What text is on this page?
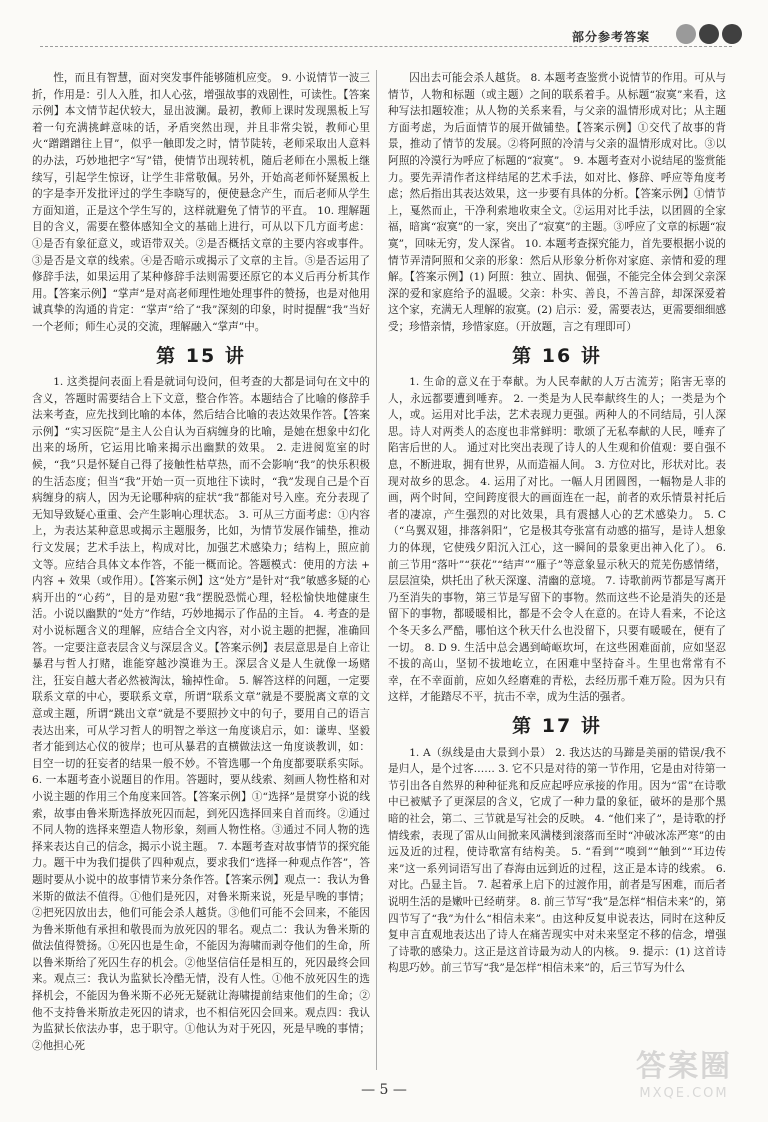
部分参考答案

性，而且有智慧，面对突发事件能够随机应变。 9. 小说情节一波三折，作用是：引人入胜，扣人心弦，增强故事的戏剧性，可读性。【答案示例】本文情节起伏较大，显出波澜。最初，教师上课时发现黑板上写着一句充满挑衅意味的话，矛盾突然出现，并且非常尖锐，教师心里火“蹭蹭蹭往上冒”，似乎一触即发之时，情节陡转，老师采取出人意料的办法，巧妙地把字“写”错，使情节出现转机，随后老师在小黑板上继续写，引起学生惊讶，让学生非常敬佩。另外，开始高老师怀疑黑板上的字是李开发批评过的学生李晓写的，便使悬念产生，而后老师从学生方面知道，正是这个学生写的，这样就避免了情节的平直。 10. 理解题目的含义，需要在整体感知全文的基础上进行，可从以下几方面考虑：①是否有象征意义，或语带双关。②是否概括文章的主要内容或事件。③是否是文章的线索。④是否暗示或揭示了文章的主旨。⑤是否运用了修辞手法，如果运用了某种修辞手法则需要还原它的本义后再分析其作用。【答案示例】“掌声”是对高老师理性地处理事件的赞扬，也是对他用诚真挚的沟通的肯定：“掌声”给了“我”深刻的印象，时时提醒“我”当好一个老师；师生心灵的交流，理解融入“掌声”中。

第 15 讲

1. 这类提问表面上看是就词句设问，但考查的大都是词句在文中的含义，答题时需要结合上下文意，整合作答。本题结合了比喻的修辞手法来考查，应先找到比喻的本体，然后结合比喻的表达效果作答。【答案示例】“实习医院”是主人公自认为百病缠身的比喻，是她在想象中幻化出来的场所，它运用比喻来揭示出幽默的效果。 2. 走进阅览室的时候，“我”只是怀疑自己得了接触性枯草热，而不会影响“我”的快乐积极的生活态度；但当“我”开始一页一页地往下读时，“我”发现自己是个百病缠身的病人，因为无论哪种病的症状“我”都能对号入座。充分表现了无知导致疑心重重、会产生影响心理状态。 3. 可从三方面考虑：①内容上，为表达某种意思或揭示主题服务，比如，为情节发展作铺垫，推动行文发展；艺术手法上，构成对比，加强艺术感染力；结构上，照应前文等。应结合具体文本作答，不能一概而论。答题模式：使用的方法 + 内容 + 效果（或作用）。【答案示例】这“处方”是针对“我”敏感多疑的心病开出的“心药”，目的是劝慰“我”摆脱恐慌心理，轻松愉快地健康生活。小说以幽默的“处方”作结，巧妙地揭示了作品的主旨。 4. 考查的是对小说标题含义的理解，应结合全文内容，对小说主题的把握，准确回答。一定要注意表层含义与深层含义。【答案示例】表层意思是自上帝让暴君与哲人打赌，谁能穿越沙漠谁为王。深层含义是人生就像一场赌注，狂妄自越大者必然被淘汰，输掉性命。 5. 解答这样的问题，一定要联系文章的中心，要联系文章，所谓“联系文章”就是不要脱离文章的文意或主题，所谓“跳出文章”就是不要照抄文中的句子，要用自己的语言表达出来，可从学习哲人的明智之举这一角度谈启示，如：谦卑、坚毅者才能到达心仪的彼岸；也可从暴君的直横做法这一角度谈教训，如：目空一切的狂妄者的结果一般不妙。不管选哪一个角度都要联系实际。 6. 一本题考查小说题目的作用。答题时，要从线索、刻画人物性格和对小说主题的作用三个角度来回答。【答案示例】①“选择”是贯穿小说的线索，故事由鲁米斯选择放死囚而起，到死囚选择回来自首而终。②通过不同人物的选择来塑造人物形象，刻画人物性格。③通过不同人物的选择来表达自己的信念，揭示小说主题。 7. 本题考查对故事情节的探究能力。题干中为我们提供了四种观点，要求我们“选择一种观点作答”，答题时要从小说中的故事情节来分条作答。【答案示例】观点一：我认为鲁米斯的做法不值得。①他们是死囚，对鲁米斯来说，死是早晚的事情；②把死囚放出去，他们可能会杀人越货。③他们可能不会回来，不能因为鲁米斯他有承担和敬畏而为放死囚的罪名。观点二：我认为鲁米斯的做法值得赞扬。①死囚也是生命，不能因为海啸而剥夺他们的生命，所以鲁米斯给了死囚生存的机会。②他坚信信任是相互的，死囚最终会回来。观点三：我认为监狱长冷酷无情，没有人性。①他不放死囚生的选择机会，不能因为鲁米斯不必死无疑就让海啸提前结束他们的生命；②他不支持鲁米斯放走死囚的请求，也不相信死囚会回来。观点四：我认为监狱长依法办事，忠于职守。①他认为对于死囚，死是早晚的事情；②他担心死

囚出去可能会杀人越货。 8. 本题考查鉴赏小说情节的作用。可从与情节，人物和标题（或主题）之间的联系着手。从标题“寂寞”来看，这种写法扣题较准；从人物的关系来看，与父亲的温情形成对比；从主题方面考虑，为后面情节的展开做铺垫。【答案示例】①交代了故事的背景，推动了情节的发展。②将阿照的冷清与父亲的温情形成对比。③以阿照的冷漠行为呼应了标题的“寂寞”。 9. 本题考查对小说结尾的鉴赏能力。要先弄清作者这样结尾的艺术手法，如对比、修辞、呼应等角度考虑；然后指出其表达效果，这一步要有具体的分析。【答案示例】①情节上，戛然而止，干净利索地收束全文。②运用对比手法，以团圆的全家福，暗寓“寂寞”的一家，突出了“寂寞”的主题。③呼应了文章的标题“寂寞”，回味无穷，发人深省。 10. 本题考查探究能力，首先要根据小说的情节弄清阿照和父亲的形象：然后从形象分析你对家庭、亲情和爱的理解。【答案示例】(1) 阿照：独立、固执、倔强，不能完全体会到父亲深深的爱和家庭给予的温暖。父亲：朴实、善良，不善言辞，却深深爱着这个家，充满无人理解的寂寞。(2) 启示：爱，需要表达，更需要细细感受；珍惜亲情，珍惜家庭。（开放题，言之有理即可）

第 16 讲

1. 生命的意义在于奉献。为人民奉献的人万古流芳；陷害无辜的人，永远都要遭到唾弃。 2. 一类是为人民奉献终生的人；一类是为个人，或。运用对比手法，艺术表现力更强。两种人的不同结局，引人深思。诗人对两类人的态度也非常鲜明：歌颂了无私奉献的人民，唾弃了陷害后世的人。 通过对比突出表现了诗人的人生观和价值观：要自强不息，不断进取，拥有世界，从而造福人间。 3. 方位对比，形状对比。表现对故乡的思念。 4. 运用了对比。一幅人月团圆图，一幅物是人非的画，两个时间，空间跨度很大的画面连在一起，前者的欢乐情景衬托后者的凄凉，产生强烈的对比效果，具有震撼人心的艺术感染力。 5. C（“乌翼双翅，排落斜阳”，它是极其夸张富有动感的描写，是诗人想象力的体现，它使残夕阳沉入江心，这一瞬间的景象更出神入化了）。 6. 前三节用“落叶”“获花”“结声”“雁子”等意象显示秋天的荒芜伤感情绪，层层渲染，烘托出了秋天深邃、清幽的意境。 7. 诗歌前两节都是写离开乃至消失的事物，第三节是写留下的事物。然而这些不论是消失的还是留下的事物，都暖暖相比，都是不会令人在意的。在诗人看来，不论这个冬天多么严酷，哪怕这个秋天什么也没留下，只要有暖暖在，便有了一切。 8. D 9. 生活中总会遇到崎岖坎坷，在这些困难面前，应如坚忍不拔的高山，坚韧不拔地屹立，在困难中坚持奋斗。生里也常常有不幸，在不幸面前，应如久经磨难的青松，去经历那千难万险。因为只有这样，才能踏尽不平，抗击不幸，成为生活的强者。

第 17 讲

1. A（纵线是由大景到小景） 2. 我达达的马蹄是美丽的错误/我不是归人，是个过客…… 3. 它不只是对待的第一节作用，它是由对待第一节引出各自然界的种种征兆和反应起呼应承接的作用。因为“雷”在诗歌中已被赋予了更深层的含义，它成了一种力量的象征，破坏的是那个黑暗的社会，第二、三节就是写社会的反映。 4. “他们来了”，是诗歌的抒情线索，表现了雷从山间掀来风满楼到滚落而至时“冲破冰冻严寒”的由远及近的过程，使诗歌富有结构美。 5. “看到”“嗅到”“触到”“耳边传来”这一系列词语写出了春海由远到近的过程，这正是本诗的线索。 6. 对比。凸显主旨。 7. 起着承上启下的过渡作用，前者是写困难，而后者说明生活的是嫩叶已经萌芽。 8. 前三节写“我”是怎样“相信未来”的，第四节写了“我”为什么“相信未来”。由这种反复申说表达，同时在这种反复申言直观地表达出了诗人在痛苦现实中对未来坚定不移的信念，增强了诗歌的感染力。这正是这首诗最为动人的内核。 9. 提示：(1) 这首诗构思巧妙。前三节写“我”是怎样“相信未来”的，后三节写为什么

— 5 —
答案圈
MXQE.COM
